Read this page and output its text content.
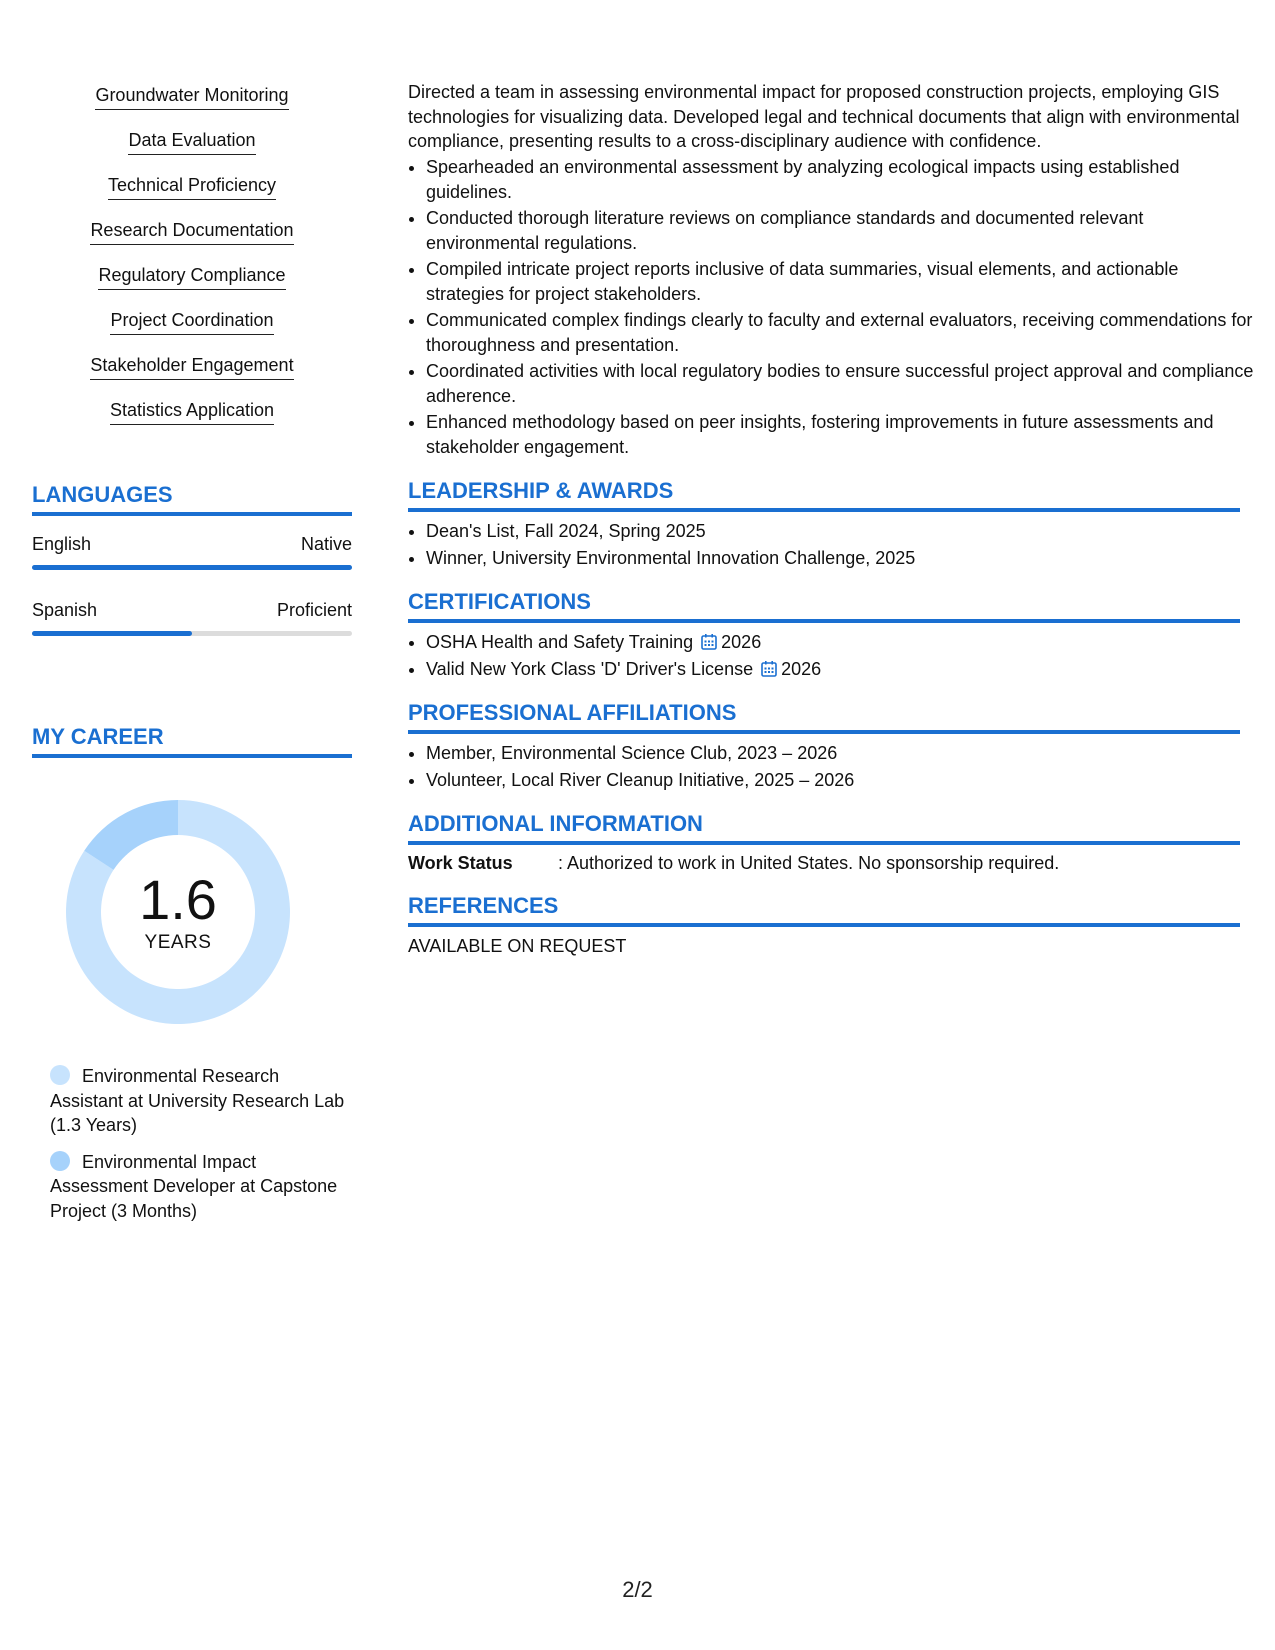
Groundwater Monitoring
Data Evaluation
Technical Proficiency
Research Documentation
Regulatory Compliance
Project Coordination
Stakeholder Engagement
Statistics Application
LANGUAGES
English	Native
Spanish	Proficient
MY CAREER
1.6
YEARS
Environmental Research Assistant at University Research Lab (1.3 Years)
Environmental Impact Assessment Developer at Capstone Project (3 Months)

Directed a team in assessing environmental impact for proposed construction projects, employing GIS technologies for visualizing data. Developed legal and technical documents that align with environmental compliance, presenting results to a cross-disciplinary audience with confidence.

• Spearheaded an environmental assessment by analyzing ecological impacts using established guidelines.
• Conducted thorough literature reviews on compliance standards and documented relevant environmental regulations.
• Compiled intricate project reports inclusive of data summaries, visual elements, and actionable strategies for project stakeholders.
• Communicated complex findings clearly to faculty and external evaluators, receiving commendations for thoroughness and presentation.
• Coordinated activities with local regulatory bodies to ensure successful project approval and compliance adherence.
• Enhanced methodology based on peer insights, fostering improvements in future assessments and stakeholder engagement.
LEADERSHIP & AWARDS
• Dean's List, Fall 2024, Spring 2025
• Winner, University Environmental Innovation Challenge, 2025
CERTIFICATIONS
• OSHA Health and Safety Training 2026
• Valid New York Class 'D' Driver's License 2026
PROFESSIONAL AFFILIATIONS
• Member, Environmental Science Club, 2023 – 2026
• Volunteer, Local River Cleanup Initiative, 2025 – 2026
ADDITIONAL INFORMATION
Work Status	: Authorized to work in United States. No sponsorship required.
REFERENCES
AVAILABLE ON REQUEST
2/2
